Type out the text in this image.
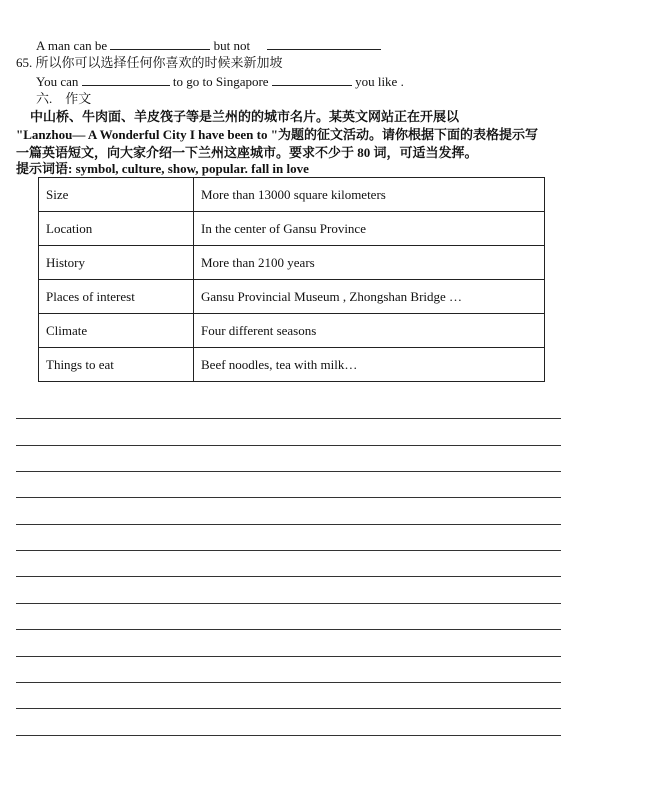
A man can be	but not
65. 所以你可以选择任何你喜欢的时候来新加坡
You can	to go to Singapore	you like .
六.　作文
中山桥、牛肉面、羊皮筏子等是兰州的的城市名片。某英文网站正在开展以
"Lanzhou— A Wonderful City I have been to "为题的征文活动。请你根据下面的表格提示写
一篇英语短文，向大家介绍一下兰州这座城市。要求不少于 80 词，可适当发挥。
提示词语: symbol, culture, show, popular. fall in love
Size	More than 13000 square kilometers
Location	In the center of Gansu Province
History	More than 2100 years
Places of interest	Gansu Provincial Museum , Zhongshan Bridge …
Climate	Four different seasons
Things to eat	Beef noodles, tea with milk…
